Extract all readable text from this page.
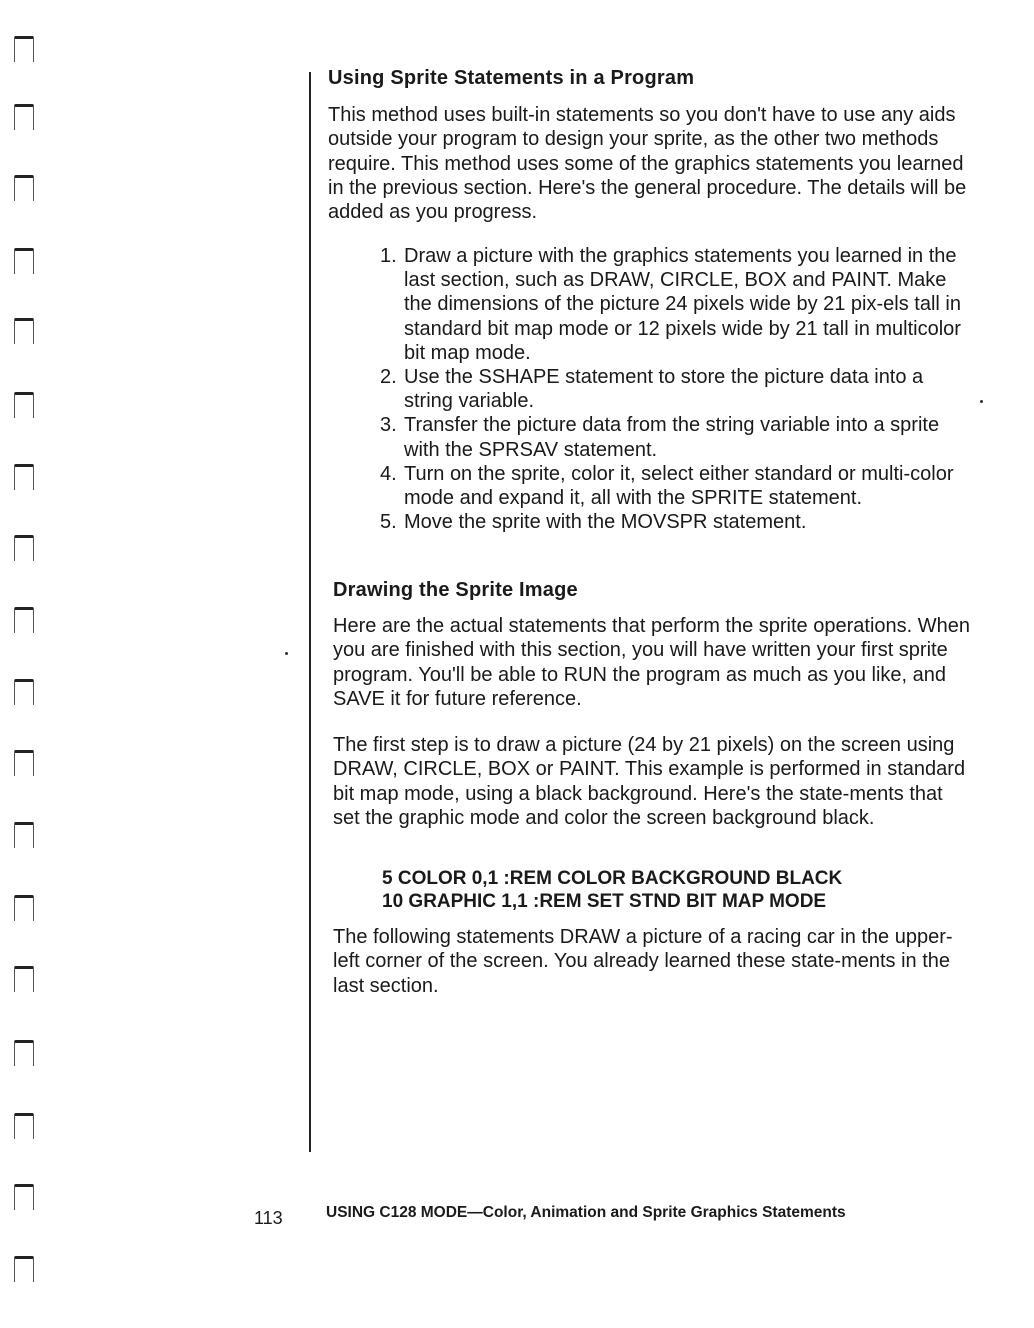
Using Sprite Statements in a Program

This method uses built-in statements so you don't have to use any aids outside your program to design your sprite, as the other two methods require. This method uses some of the graphics statements you learned in the previous section. Here's the general procedure. The details will be added as you progress.

1. Draw a picture with the graphics statements you learned in the last section, such as DRAW, CIRCLE, BOX and PAINT. Make the dimensions of the picture 24 pixels wide by 21 pix-els tall in standard bit map mode or 12 pixels wide by 21 tall in multicolor bit map mode.
2. Use the SSHAPE statement to store the picture data into a string variable.
3. Transfer the picture data from the string variable into a sprite with the SPRSAV statement.
4. Turn on the sprite, color it, select either standard or multi-color mode and expand it, all with the SPRITE statement.
5. Move the sprite with the MOVSPR statement.
Drawing the Sprite Image

Here are the actual statements that perform the sprite operations. When you are finished with this section, you will have written your first sprite program. You'll be able to RUN the program as much as you like, and SAVE it for future reference.

The first step is to draw a picture (24 by 21 pixels) on the screen using DRAW, CIRCLE, BOX or PAINT. This example is performed in standard bit map mode, using a black background. Here's the state-ments that set the graphic mode and color the screen background black.

5 COLOR 0,1 :REM COLOR BACKGROUND BLACK
10 GRAPHIC 1,1 :REM SET STND BIT MAP MODE

The following statements DRAW a picture of a racing car in the upper-left corner of the screen. You already learned these state-ments in the last section.

113	USING C128 MODE—Color, Animation and Sprite Graphics Statements
